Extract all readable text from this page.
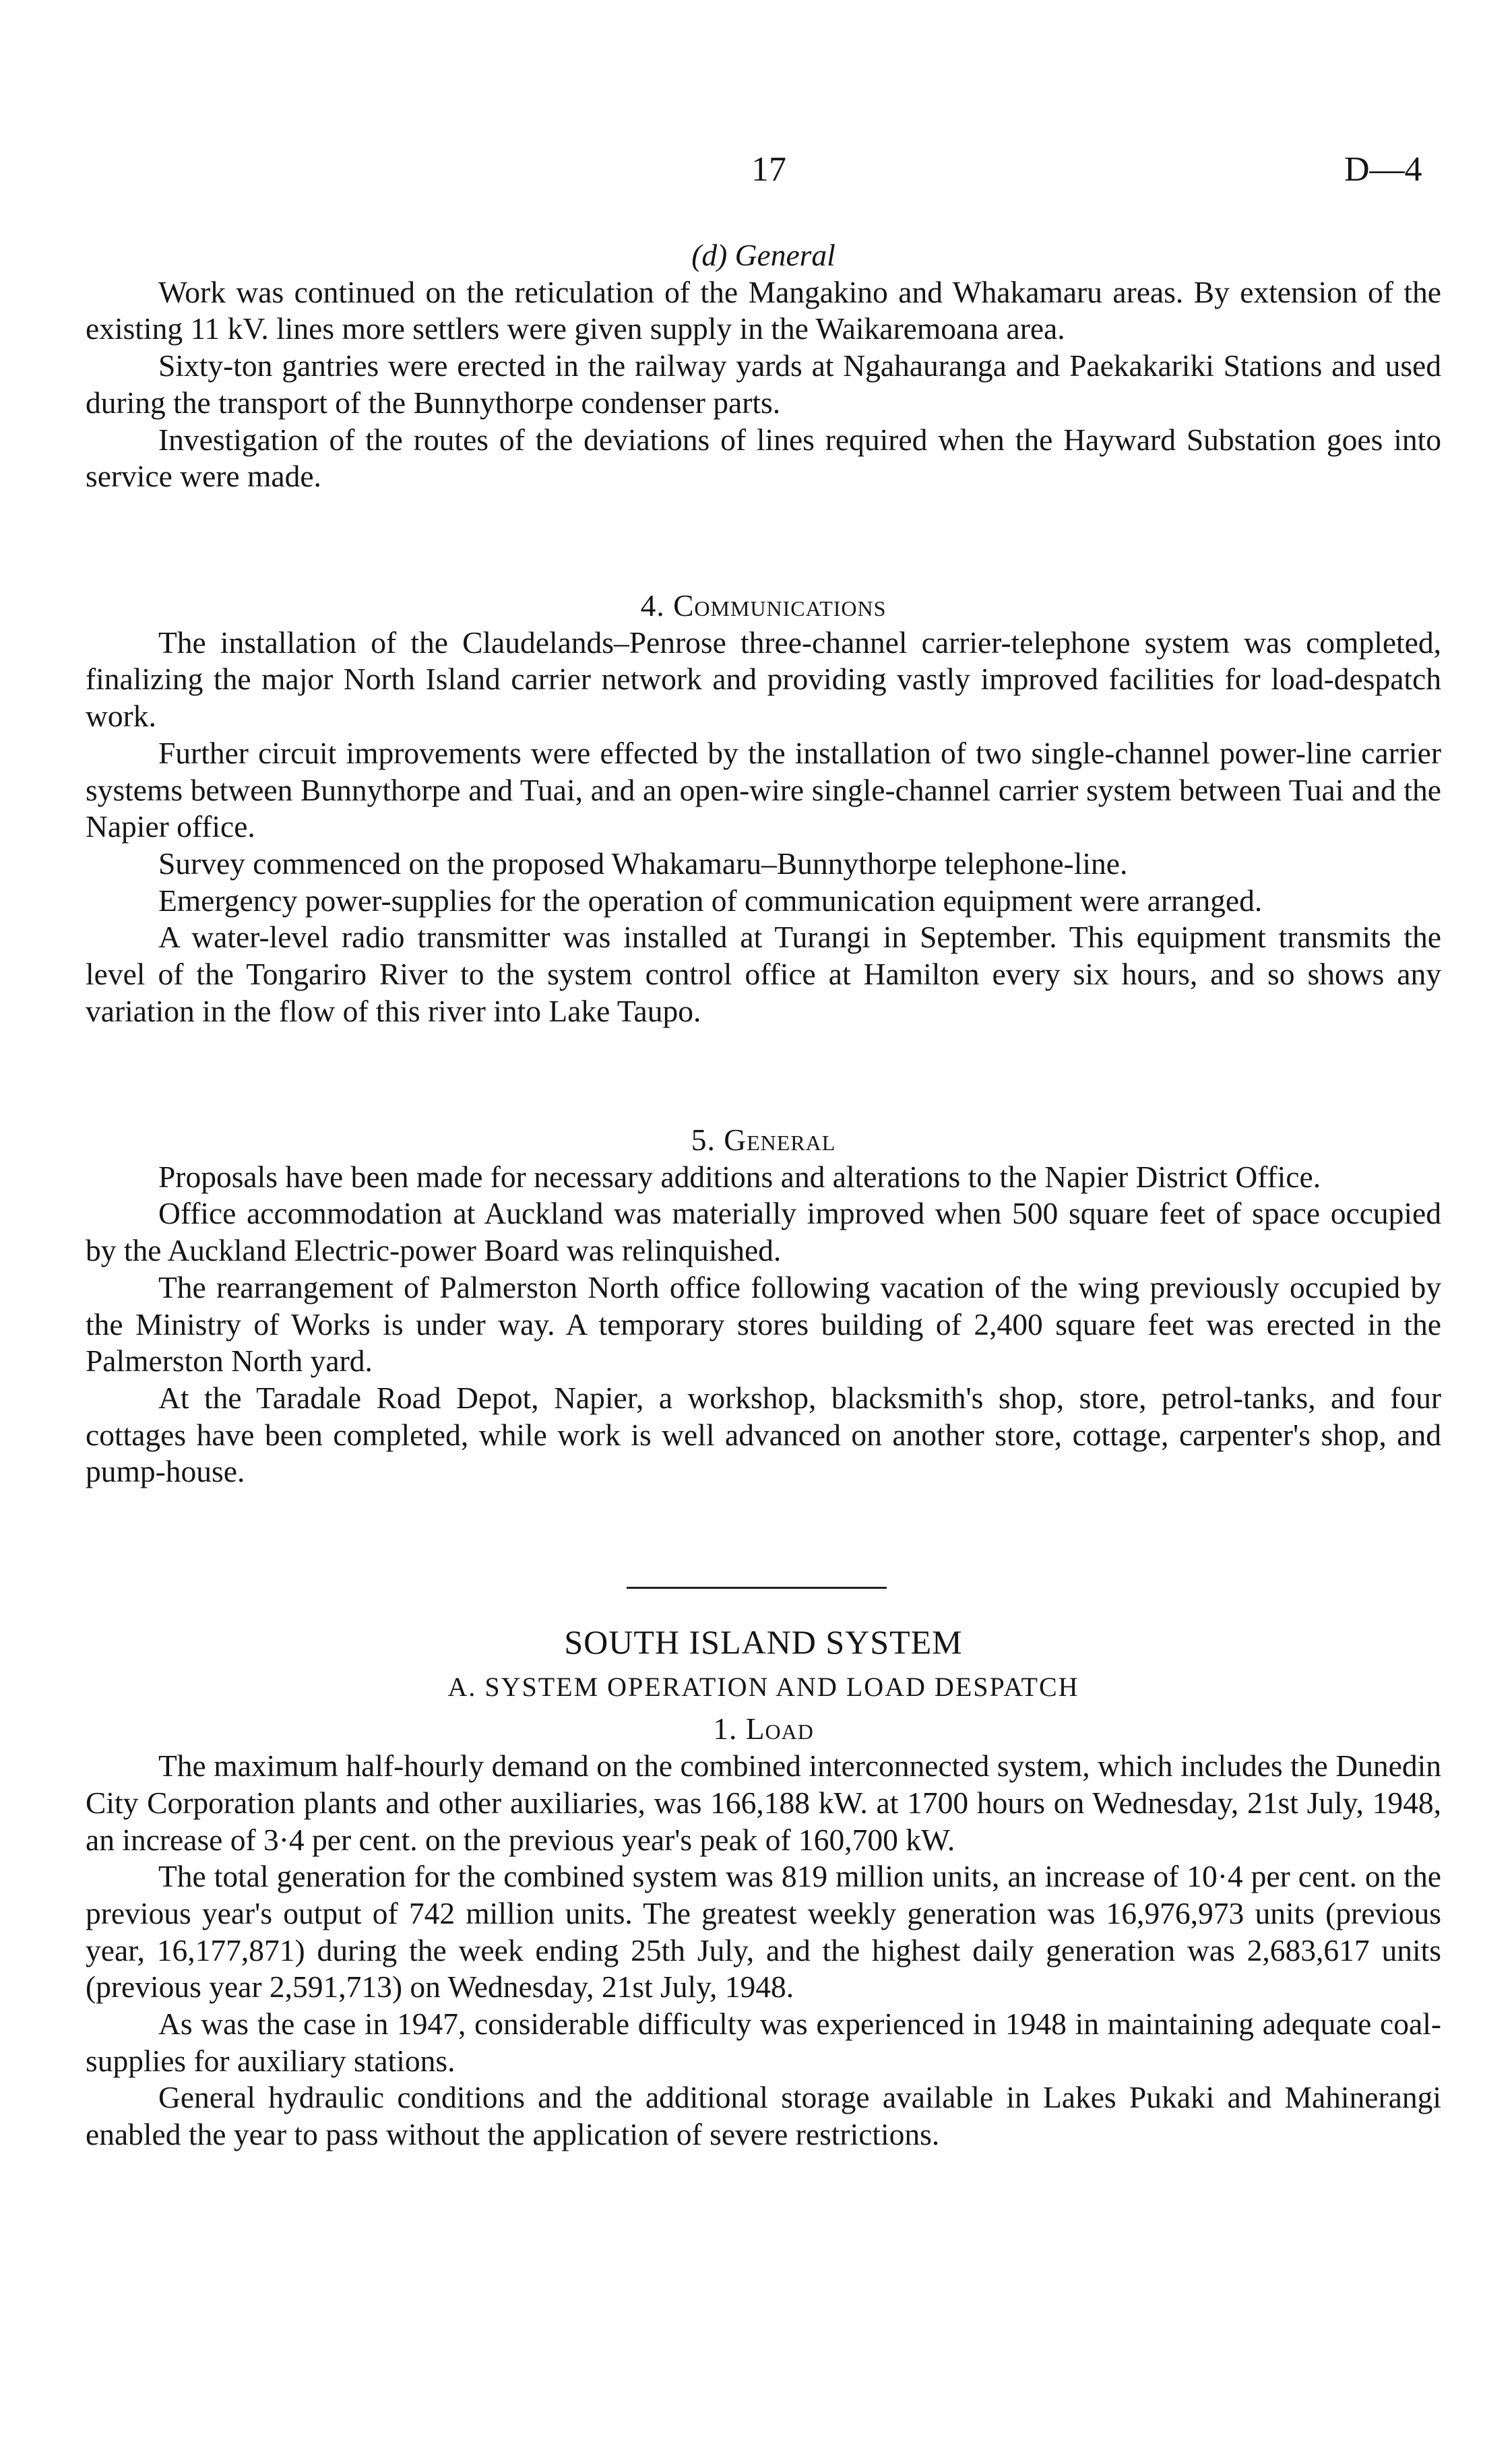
17	D—4

(d) General

Work was continued on the reticulation of the Mangakino and Whakamaru areas. By extension of the existing 11 kV. lines more settlers were given supply in the Waikaremoana area.

Sixty-ton gantries were erected in the railway yards at Ngahauranga and Paekakariki Stations and used during the transport of the Bunnythorpe condenser parts.

Investigation of the routes of the deviations of lines required when the Hayward Substation goes into service were made.

4. Communications

The installation of the Claudelands–Penrose three-channel carrier-telephone system was completed, finalizing the major North Island carrier network and providing vastly improved facilities for load-despatch work.

Further circuit improvements were effected by the installation of two single-channel power-line carrier systems between Bunnythorpe and Tuai, and an open-wire single-channel carrier system between Tuai and the Napier office.

Survey commenced on the proposed Whakamaru–Bunnythorpe telephone-line.

Emergency power-supplies for the operation of communication equipment were arranged.

A water-level radio transmitter was installed at Turangi in September. This equipment transmits the level of the Tongariro River to the system control office at Hamilton every six hours, and so shows any variation in the flow of this river into Lake Taupo.

5. General

Proposals have been made for necessary additions and alterations to the Napier District Office.

Office accommodation at Auckland was materially improved when 500 square feet of space occupied by the Auckland Electric-power Board was relinquished.

The rearrangement of Palmerston North office following vacation of the wing previously occupied by the Ministry of Works is under way. A temporary stores building of 2,400 square feet was erected in the Palmerston North yard.

At the Taradale Road Depot, Napier, a workshop, blacksmith's shop, store, petrol-tanks, and four cottages have been completed, while work is well advanced on another store, cottage, carpenter's shop, and pump-house.

SOUTH ISLAND SYSTEM

A. SYSTEM OPERATION AND LOAD DESPATCH

1. Load

The maximum half-hourly demand on the combined interconnected system, which includes the Dunedin City Corporation plants and other auxiliaries, was 166,188 kW. at 1700 hours on Wednesday, 21st July, 1948, an increase of 3·4 per cent. on the previous year's peak of 160,700 kW.

The total generation for the combined system was 819 million units, an increase of 10·4 per cent. on the previous year's output of 742 million units. The greatest weekly generation was 16,976,973 units (previous year, 16,177,871) during the week ending 25th July, and the highest daily generation was 2,683,617 units (previous year 2,591,713) on Wednesday, 21st July, 1948.

As was the case in 1947, considerable difficulty was experienced in 1948 in maintaining adequate coal-supplies for auxiliary stations.

General hydraulic conditions and the additional storage available in Lakes Pukaki and Mahinerangi enabled the year to pass without the application of severe restrictions.
